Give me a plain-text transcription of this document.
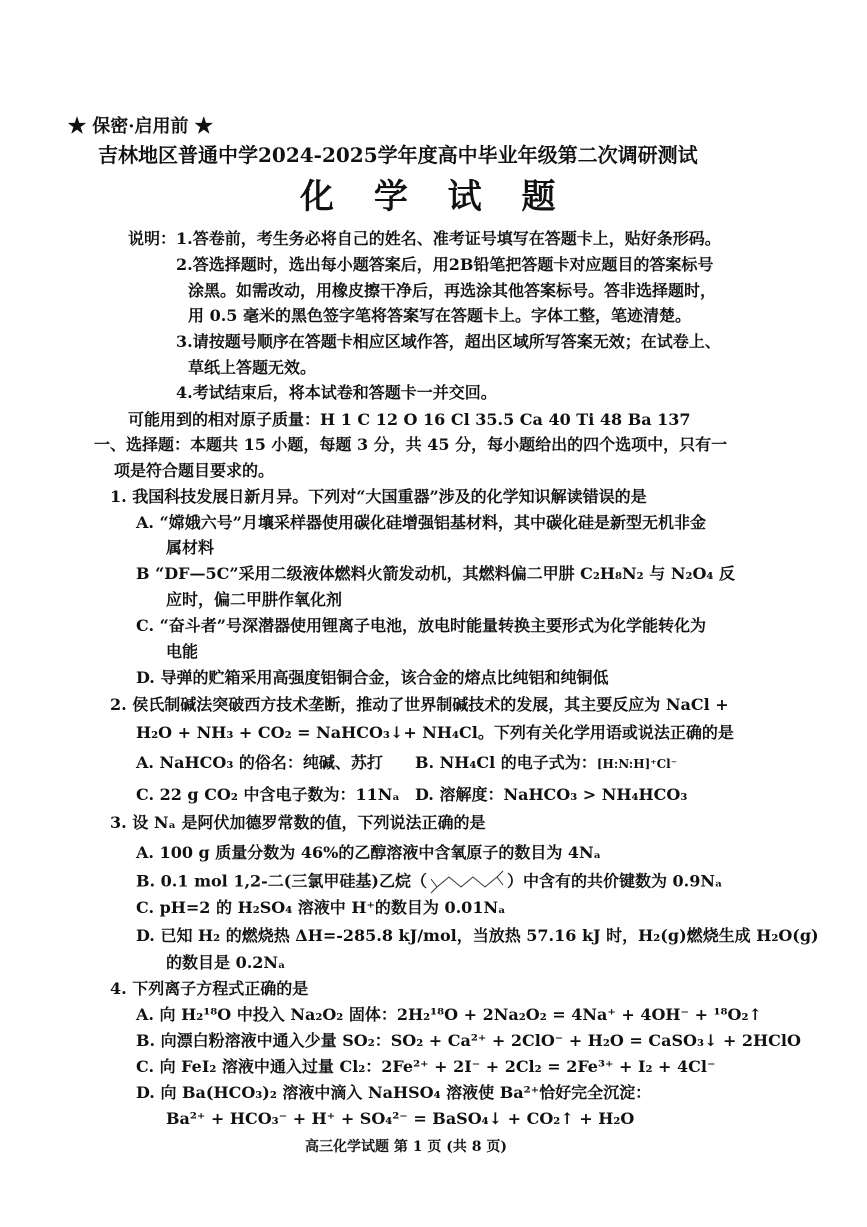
★ 保密·启用前 ★
吉林地区普通中学2024-2025学年度高中毕业年级第二次调研测试
化 学 试 题
说明：1.答卷前，考生务必将自己的姓名、准考证号填写在答题卡上，贴好条形码。
2.答选择题时，选出每小题答案后，用2B铅笔把答题卡对应题目的答案标号
涂黑。如需改动，用橡皮擦干净后，再选涂其他答案标号。答非选择题时，
用 0.5 毫米的黑色签字笔将答案写在答题卡上。字体工整，笔迹清楚。
3.请按题号顺序在答题卡相应区域作答，超出区域所写答案无效；在试卷上、
草纸上答题无效。
4.考试结束后，将本试卷和答题卡一并交回。
可能用到的相对原子质量：H 1 C 12 O 16 Cl 35.5 Ca 40 Ti 48 Ba 137
一、选择题：本题共 15 小题，每题 3 分，共 45 分，每小题给出的四个选项中，只有一
项是符合题目要求的。
1. 我国科技发展日新月异。下列对“大国重器”涉及的化学知识解读错误的是
A. “嫦娥六号”月壤采样器使用碳化硅增强铝基材料，其中碳化硅是新型无机非金
属材料
B “DF—5C”采用二级液体燃料火箭发动机，其燃料偏二甲肼 C₂H₈N₂ 与 N₂O₄ 反
应时，偏二甲肼作氧化剂
C. “奋斗者”号深潜器使用锂离子电池，放电时能量转换主要形式为化学能转化为
电能
D. 导弹的贮箱采用高强度铝铜合金，该合金的熔点比纯铝和纯铜低
2. 侯氏制碱法突破西方技术垄断，推动了世界制碱技术的发展，其主要反应为 NaCl +
H₂O + NH₃ + CO₂ = NaHCO₃↓+ NH₄Cl。下列有关化学用语或说法正确的是
A. NaHCO₃ 的俗名：纯碱、苏打 B. NH₄Cl 的电子式为：[H:N:H]⁺Cl⁻
C. 22 g CO₂ 中含电子数为：11Nₐ D. 溶解度：NaHCO₃ > NH₄HCO₃
3. 设 Nₐ 是阿伏加德罗常数的值，下列说法正确的是
A. 100 g 质量分数为 46%的乙醇溶液中含氧原子的数目为 4Nₐ
B. 0.1 mol 1,2-二(三氯甲硅基)乙烷（	）中含有的共价键数为 0.9Nₐ
C. pH=2 的 H₂SO₄ 溶液中 H⁺的数目为 0.01Nₐ
D. 已知 H₂ 的燃烧热 ΔH=-285.8 kJ/mol，当放热 57.16 kJ 时，H₂(g)燃烧生成 H₂O(g)
的数目是 0.2Nₐ
4. 下列离子方程式正确的是
A. 向 H₂¹⁸O 中投入 Na₂O₂ 固体：2H₂¹⁸O + 2Na₂O₂ = 4Na⁺ + 4OH⁻ + ¹⁸O₂↑
B. 向漂白粉溶液中通入少量 SO₂：SO₂ + Ca²⁺ + 2ClO⁻ + H₂O = CaSO₃↓ + 2HClO
C. 向 FeI₂ 溶液中通入过量 Cl₂：2Fe²⁺ + 2I⁻ + 2Cl₂ = 2Fe³⁺ + I₂ + 4Cl⁻
D. 向 Ba(HCO₃)₂ 溶液中滴入 NaHSO₄ 溶液使 Ba²⁺恰好完全沉淀：
Ba²⁺ + HCO₃⁻ + H⁺ + SO₄²⁻ = BaSO₄↓ + CO₂↑ + H₂O
高三化学试题 第 1 页 (共 8 页)
